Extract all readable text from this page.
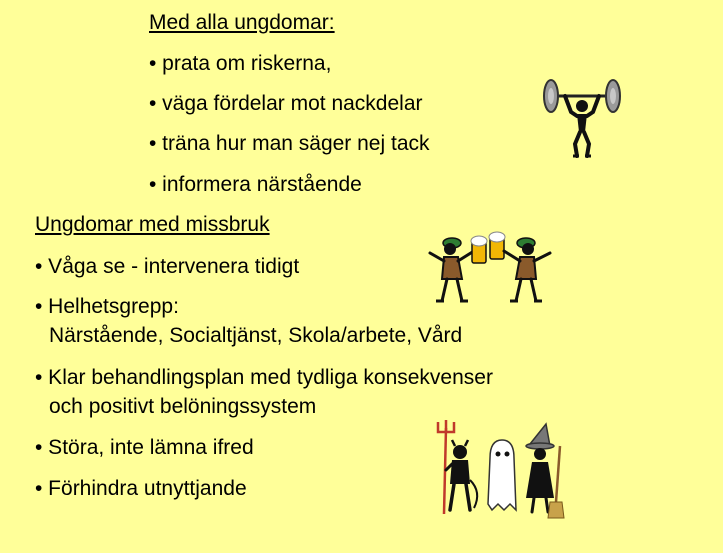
Med alla ungdomar:
• prata om riskerna,
• väga fördelar mot nackdelar
• träna hur man säger nej tack
• informera närstående
Ungdomar med missbruk
• Våga se - intervenera tidigt
• Helhetsgrepp:
Närstående, Socialtjänst, Skola/arbete, Vård
• Klar behandlingsplan med tydliga konsekvenser
och positivt belöningssystem
• Störa, inte lämna ifred
• Förhindra utnyttjande
